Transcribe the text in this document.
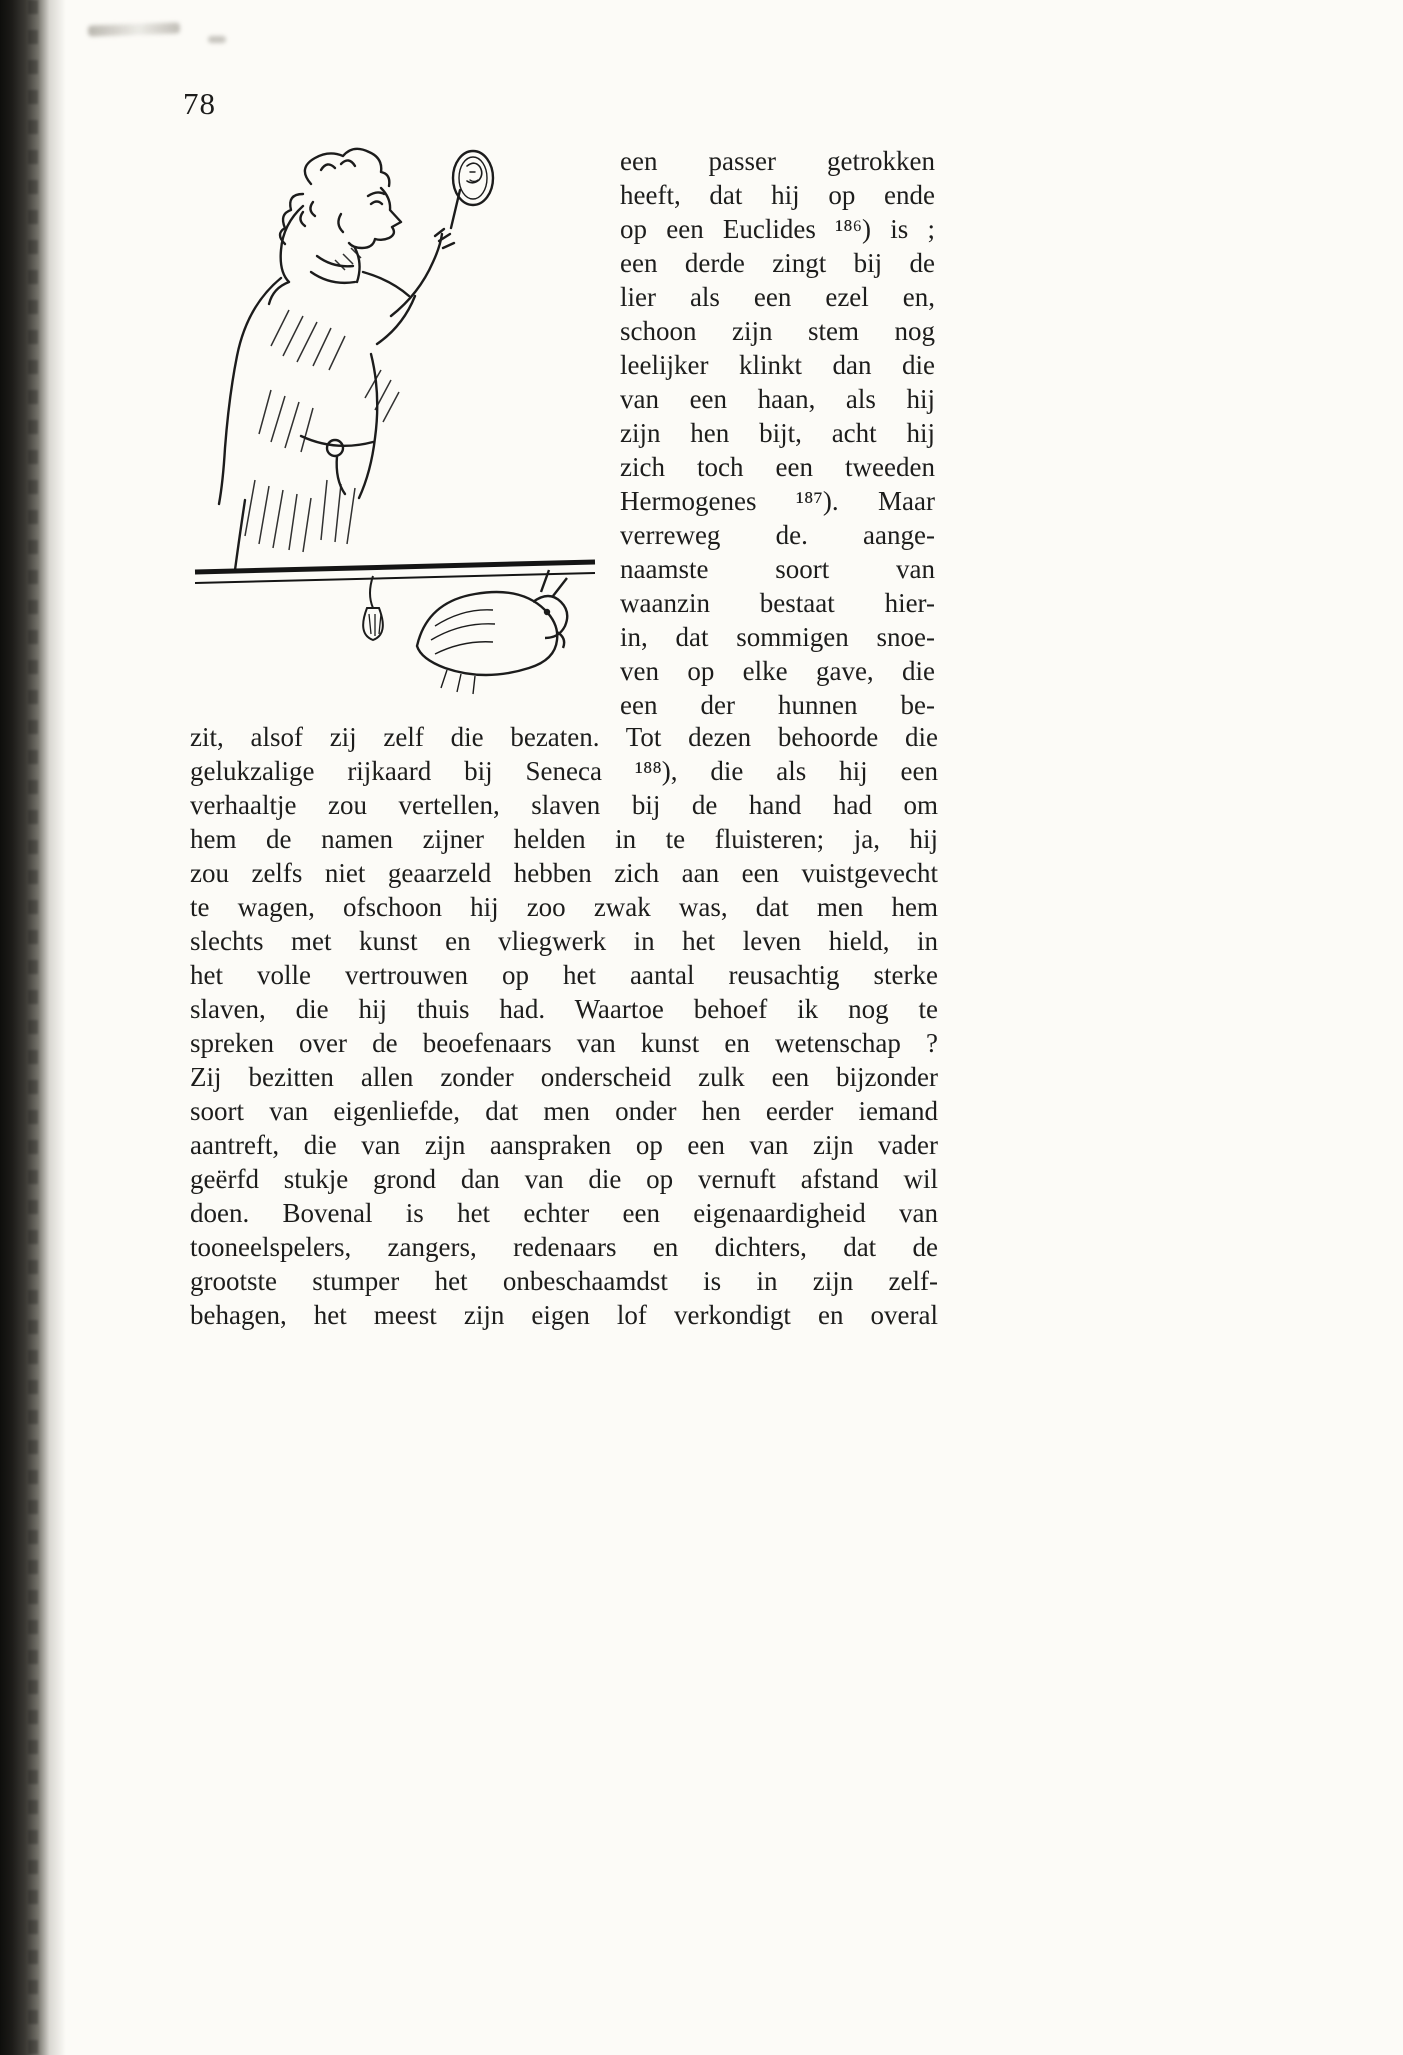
78
een passer getrokken
heeft, dat hij op ende
op een Euclides ¹⁸⁶) is ;
een derde zingt bij de
lier als een ezel en,
schoon zijn stem nog
leelijker klinkt dan die
van een haan, als hij
zijn hen bijt, acht hij
zich toch een tweeden
Hermogenes ¹⁸⁷). Maar
verreweg de. aange-
naamste soort van
waanzin bestaat hier-
in, dat sommigen snoe-
ven op elke gave, die
een der hunnen be-
zit, alsof zij zelf die bezaten. Tot dezen behoorde die
gelukzalige rijkaard bij Seneca ¹⁸⁸), die als hij een
verhaaltje zou vertellen, slaven bij de hand had om
hem de namen zijner helden in te fluisteren; ja, hij
zou zelfs niet geaarzeld hebben zich aan een vuistgevecht
te wagen, ofschoon hij zoo zwak was, dat men hem
slechts met kunst en vliegwerk in het leven hield, in
het volle vertrouwen op het aantal reusachtig sterke
slaven, die hij thuis had. Waartoe behoef ik nog te
spreken over de beoefenaars van kunst en wetenschap ?
Zij bezitten allen zonder onderscheid zulk een bijzonder
soort van eigenliefde, dat men onder hen eerder iemand
aantreft, die van zijn aanspraken op een van zijn vader
geërfd stukje grond dan van die op vernuft afstand wil
doen. Bovenal is het echter een eigenaardigheid van
tooneelspelers, zangers, redenaars en dichters, dat de
grootste stumper het onbeschaamdst is in zijn zelf-
behagen, het meest zijn eigen lof verkondigt en overal
